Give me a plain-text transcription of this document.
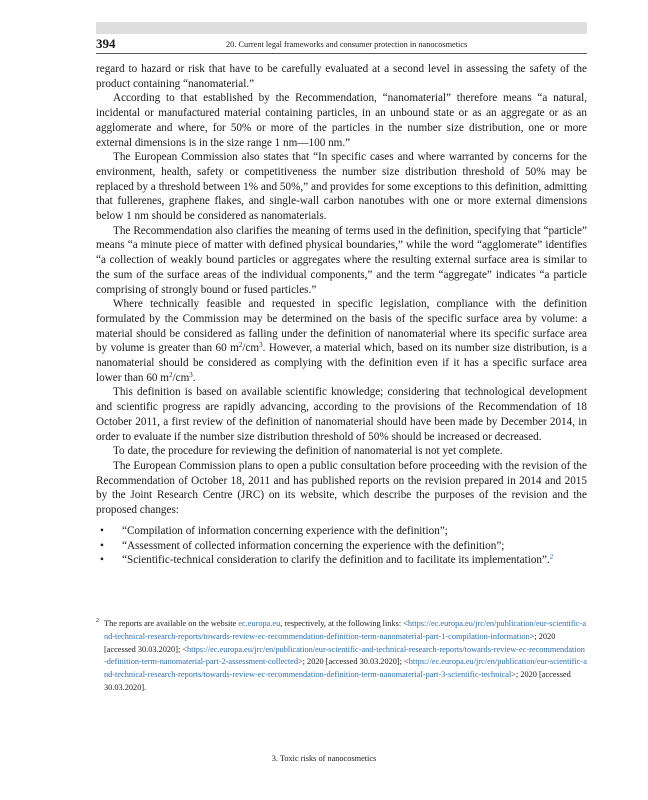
394	20. Current legal frameworks and consumer protection in nanocosmetics

regard to hazard or risk that have to be carefully evaluated at a second level in assessing the safety of the product containing “nanomaterial.”

According to that established by the Recommendation, “nanomaterial” therefore means “a natural, incidental or manufactured material containing particles, in an unbound state or as an aggregate or as an agglomerate and where, for 50% or more of the particles in the number size distribution, one or more external dimensions is in the size range 1 nm—100 nm.”

The European Commission also states that “In specific cases and where warranted by concerns for the environment, health, safety or competitiveness the number size distribution threshold of 50% may be replaced by a threshold between 1% and 50%,” and provides for some exceptions to this definition, admitting that fullerenes, graphene flakes, and single-wall carbon nanotubes with one or more external dimensions below 1 nm should be considered as nanomaterials.

The Recommendation also clarifies the meaning of terms used in the definition, specifying that “particle” means “a minute piece of matter with defined physical boundaries,” while the word “agglomerate” identifies “a collection of weakly bound particles or aggregates where the resulting external surface area is similar to the sum of the surface areas of the individual components,” and the term “aggregate” indicates “a particle comprising of strongly bound or fused particles.”

Where technically feasible and requested in specific legislation, compliance with the definition formulated by the Commission may be determined on the basis of the specific surface area by volume: a material should be considered as falling under the definition of nanomaterial where its specific surface area by volume is greater than 60 $m^2/cm^3$. However, a material which, based on its number size distribution, is a nanomaterial should be considered as complying with the definition even if it has a specific surface area lower than 60 $m^2/cm^3$.

This definition is based on available scientific knowledge; considering that technological development and scientific progress are rapidly advancing, according to the provisions of the Recommendation of 18 October 2011, a first review of the definition of nanomaterial should have been made by December 2014, in order to evaluate if the number size distribution threshold of 50% should be increased or decreased.

To date, the procedure for reviewing the definition of nanomaterial is not yet complete.

The European Commission plans to open a public consultation before proceeding with the revision of the Recommendation of October 18, 2011 and has published reports on the revision prepared in 2014 and 2015 by the Joint Research Centre (JRC) on its website, which describe the purposes of the revision and the proposed changes:

• “Compilation of information concerning experience with the definition”;
• “Assessment of collected information concerning the experience with the definition”;
• “Scientific-technical consideration to clarify the definition and to facilitate its implementation”.$^2$
2 The reports are available on the website ec.europa.eu, respectively, at the following links: <https://ec.europa.eu/jrc/en/publication/eur-scientific-and-technical-research-reports/towards-review-ec-recommendation-definition-term-nanomaterial-part-1-compilation-information>; 2020 [accessed 30.03.2020]; <https://ec.europa.eu/jrc/en/publication/eur-scientific-and-technical-research-reports/towards-review-ec-recommendation-definition-term-nanomaterial-part-2-assessment-collected>; 2020 [accessed 30.03.2020]; <https://ec.europa.eu/jrc/en/publication/eur-scientific-and-technical-research-reports/towards-review-ec-recommendation-definition-term-nanomaterial-part-3-scientific-technical>; 2020 [accessed 30.03.2020].
3. Toxic risks of nanocosmetics
